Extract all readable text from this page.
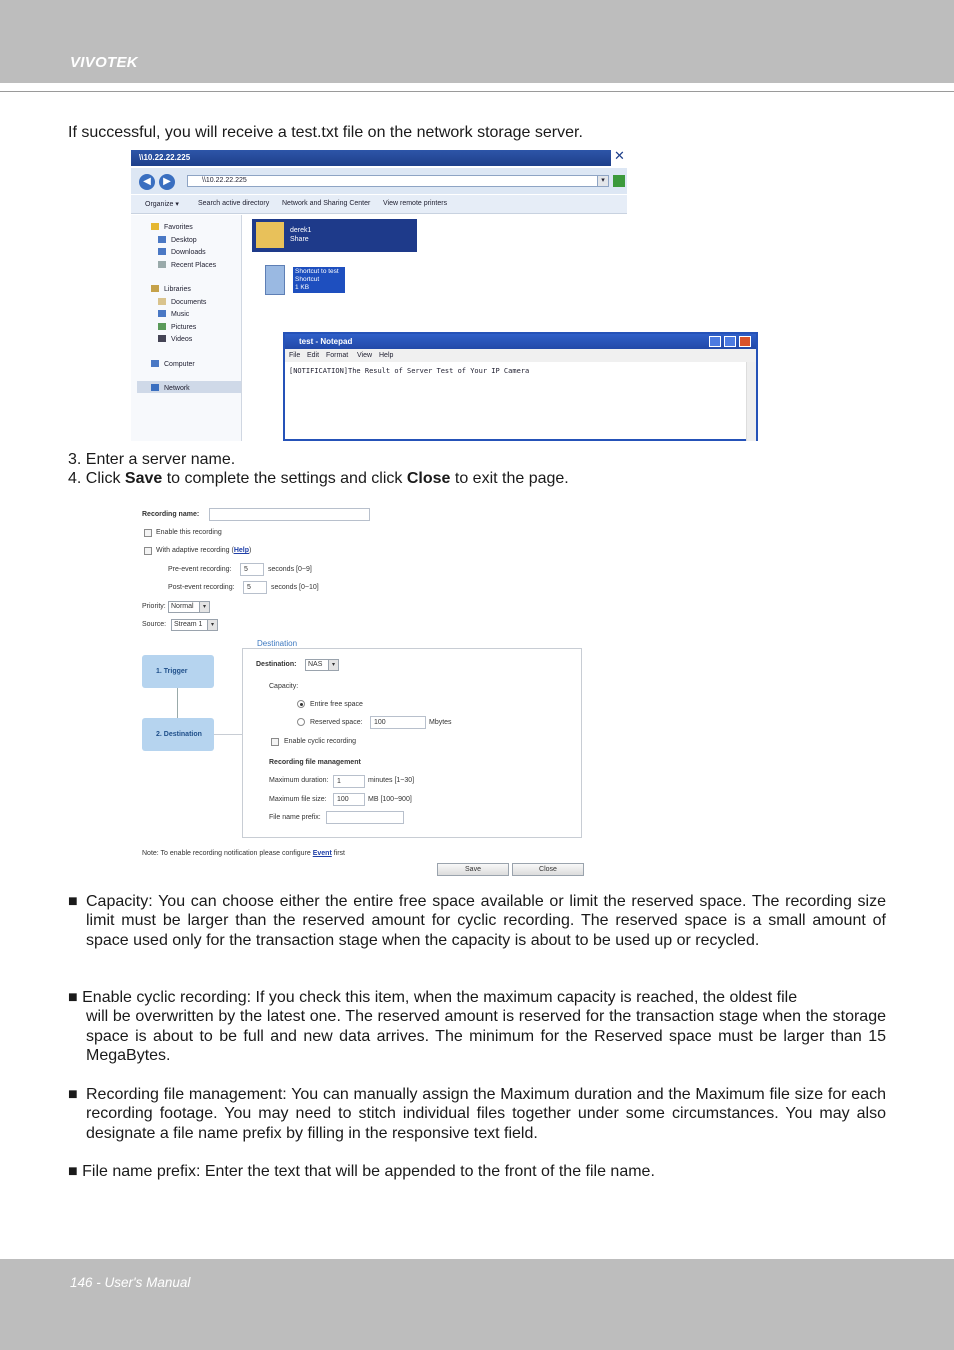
VIVOTEK
If successful, you will receive a test.txt file on the network storage server.
\\10.22.22.225	✕
◀	▶	\\10.22.22.225	▾
Organize ▾	Search active directory Network and Sharing Center View remote printers
Favorites
Desktop
Downloads
Recent Places
Libraries
Documents
Music
Pictures
Videos
Computer
Network
derek1
Share
Shortcut to test
Shortcut
1 KB
test - Notepad
File Edit Format View Help
[NOTIFICATION]The Result of Server Test of Your IP Camera
3. Enter a server name.
4. Click Save to complete the settings and click Close to exit the page.
Recording name:
Enable this recording
With adaptive recording (Help)
Pre-event recording:	5	seconds [0~9]
Post-event recording:	5	seconds [0~10]
Priority: Normal	▾
Source:	Stream 1	▾
1. Trigger
2. Destination
Destination
Destination:	NAS	▾
Capacity:
Entire free space
Reserved space:	100	Mbytes
Enable cyclic recording
Recording file management
Maximum duration:	1	minutes [1~30]
Maximum file size:	100	MB [100~900]
File name prefix:
Note: To enable recording notification please configure Event first
Save	Close
■ Capacity: You can choose either the entire free space available or limit the reserved space. The recording size limit must be larger than the reserved amount for cyclic recording. The reserved space is a small amount of space used only for the transaction stage when the capacity is about to be used up or recycled.
■ Enable cyclic recording: If you check this item, when the maximum capacity is reached, the oldest file
will be overwritten by the latest one. The reserved amount is reserved for the transaction stage when the storage space is about to be full and new data arrives. The minimum for the Reserved space must be larger than 15 MegaBytes.
■ Recording file management: You can manually assign the Maximum duration and the Maximum file size for each recording footage. You may need to stitch individual files together under some circumstances. You may also designate a file name prefix by filling in the responsive text field.
■ File name prefix: Enter the text that will be appended to the front of the file name.
146 - User's Manual
